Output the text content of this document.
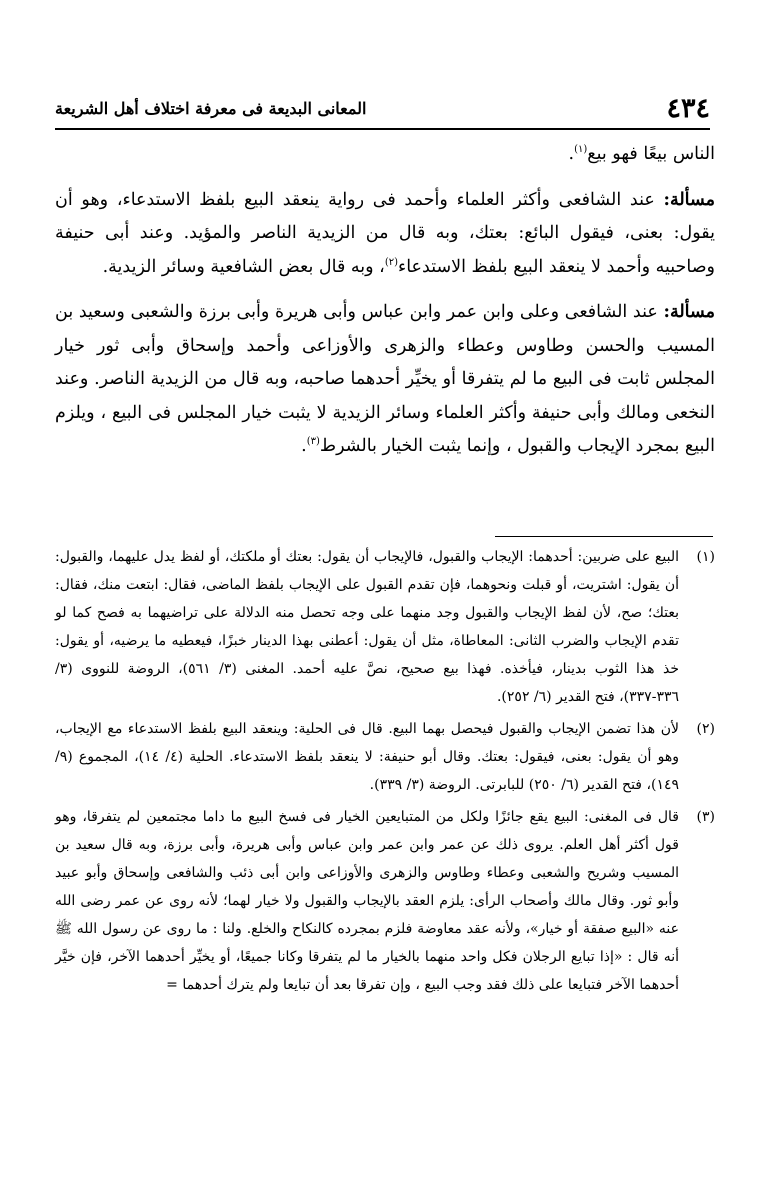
٤٣٤
المعانى البديعة فى معرفة اختلاف أهل الشريعة

الناس بيعًا فهو بيع$^{(١)}$.

مسألة: عند الشافعى وأكثر العلماء وأحمد فى رواية ينعقد البيع بلفظ الاستدعاء، وهو أن يقول: بعنى، فيقول البائع: بعتك، وبه قال من الزيدية الناصر والمؤيد. وعند أبى حنيفة وصاحبيه وأحمد لا ينعقد البيع بلفظ الاستدعاء$^{(٢)}$، وبه قال بعض الشافعية وسائر الزيدية.

مسألة: عند الشافعى وعلى وابن عمر وابن عباس وأبى هريرة وأبى برزة والشعبى وسعيد بن المسيب والحسن وطاوس وعطاء والزهرى والأوزاعى وأحمد وإسحاق وأبى ثور خيار المجلس ثابت فى البيع ما لم يتفرقا أو يخيِّر أحدهما صاحبه، وبه قال من الزيدية الناصر. وعند النخعى ومالك وأبى حنيفة وأكثر العلماء وسائر الزيدية لا يثبت خيار المجلس فى البيع ، ويلزم البيع بمجرد الإيجاب والقبول ، وإنما يثبت الخيار بالشرط$^{(٣)}$.

(١)
البيع على ضربين: أحدهما: الإيجاب والقبول، فالإيجاب أن يقول: بعتك أو ملكتك، أو لفظ يدل عليهما، والقبول: أن يقول: اشتريت، أو قبلت ونحوهما، فإن تقدم القبول على الإيجاب بلفظ الماضى، فقال: ابتعت منك، فقال: بعتك؛ صح، لأن لفظ الإيجاب والقبول وجد منهما على وجه تحصل منه الدلالة على تراضيهما به فصح كما لو تقدم الإيجاب والضرب الثانى: المعاطاة، مثل أن يقول: أعطنى بهذا الدينار خبزًا، فيعطيه ما يرضيه، أو يقول: خذ هذا الثوب بدينار، فيأخذه. فهذا بيع صحيح، نصَّ عليه أحمد. المغنى (٣/ ٥٦١)، الروضة للنووى (٣/ ٣٣٦-٣٣٧)، فتح القدير (٦/ ٢٥٢).
(٢)
لأن هذا تضمن الإيجاب والقبول فيحصل بهما البيع. قال فى الحلية: وينعقد البيع بلفظ الاستدعاء مع الإيجاب، وهو أن يقول: بعنى، فيقول: بعتك. وقال أبو حنيفة: لا ينعقد بلفظ الاستدعاء. الحلية (٤/ ١٤)، المجموع (٩/ ١٤٩)، فتح القدير (٦/ ٢٥٠) للبابرتى. الروضة (٣/ ٣٣٩).
(٣)
قال فى المغنى: البيع يقع جائزًا ولكل من المتبايعين الخيار فى فسخ البيع ما داما مجتمعين لم يتفرقا، وهو قول أكثر أهل العلم. يروى ذلك عن عمر وابن عمر وابن عباس وأبى هريرة، وأبى برزة، وبه قال سعيد بن المسيب وشريح والشعبى وعطاء وطاوس والزهرى والأوزاعى وابن أبى ذئب والشافعى وإسحاق وأبو عبيد وأبو ثور. وقال مالك وأصحاب الرأى: يلزم العقد بالإيجاب والقبول ولا خيار لهما؛ لأنه روى عن عمر رضى الله عنه «البيع صفقة أو خيار»، ولأنه عقد معاوضة فلزم بمجرده كالنكاح والخلع. ولنا : ما روى عن رسول الله ﷺ أنه قال : «إذا تبايع الرجلان فكل واحد منهما بالخيار ما لم يتفرقا وكانا جميعًا، أو يخيِّر أحدهما الآخر، فإن خيَّر أحدهما الآخر فتبايعا على ذلك فقد وجب البيع ، وإن تفرقا بعد أن تبايعا ولم يترك أحدهما =
